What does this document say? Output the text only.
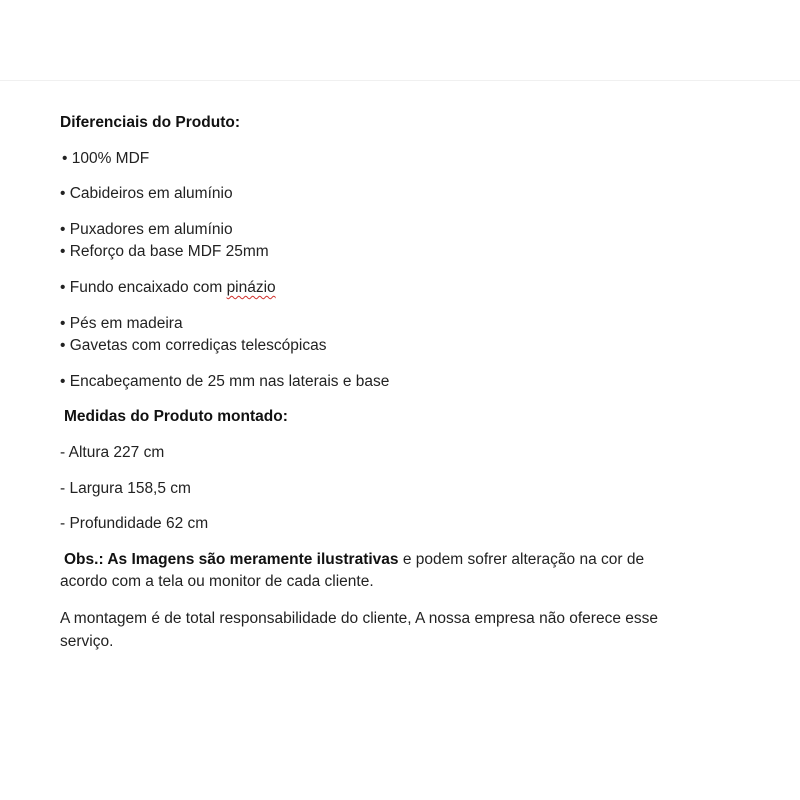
Diferenciais do Produto:
• 100% MDF
• Cabideiros em alumínio
• Puxadores em alumínio
• Reforço da base MDF 25mm
• Fundo encaixado com pinázio
• Pés em madeira
• Gavetas com corrediças telescópicas
• Encabeçamento de 25 mm nas laterais e base
Medidas do Produto montado:
- Altura 227 cm
- Largura 158,5 cm
- Profundidade 62 cm
Obs.: As Imagens são meramente ilustrativas e podem sofrer alteração na cor de
acordo com a tela ou monitor de cada cliente.
A montagem é de total responsabilidade do cliente, A nossa empresa não oferece esse
serviço.
